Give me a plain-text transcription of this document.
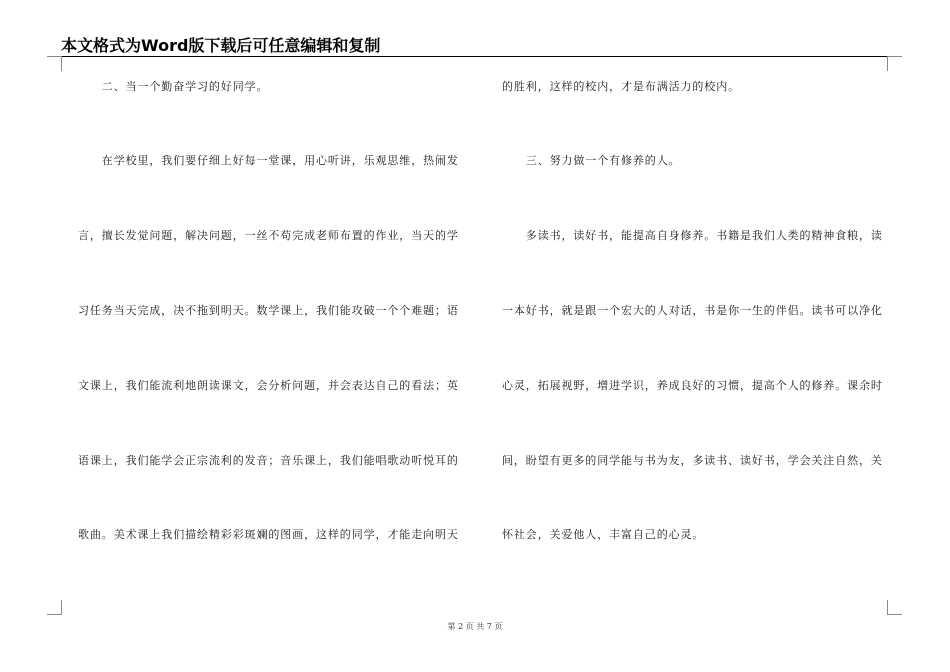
本文格式为Word版下载后可任意编辑和复制
　　二、当一个勤奋学习的好同学。
　　在学校里，我们要仔细上好每一堂课，用心听讲，乐观思维，热闹发
言，擅长发觉问题，解决问题，一丝不苟完成老师布置的作业，当天的学
习任务当天完成，决不拖到明天。数学课上，我们能攻破一个个难题；语
文课上，我们能流利地朗读课文，会分析问题，并会表达自己的看法；英
语课上，我们能学会正宗流利的发音；音乐课上，我们能唱歌动听悦耳的
歌曲。美术课上我们描绘精彩彩斑斓的图画，这样的同学，才能走向明天
的胜利，这样的校内，才是布满活力的校内。
　　三、努力做一个有修养的人。
　　多读书，读好书，能提高自身修养。书籍是我们人类的精神食粮，读
一本好书，就是跟一个宏大的人对话，书是你一生的伴侣。读书可以净化
心灵，拓展视野，增进学识，养成良好的习惯，提高个人的修养。课余时
间，盼望有更多的同学能与书为友，多读书、读好书，学会关注自然，关
怀社会，关爱他人，丰富自己的心灵。
第 2 页 共 7 页
